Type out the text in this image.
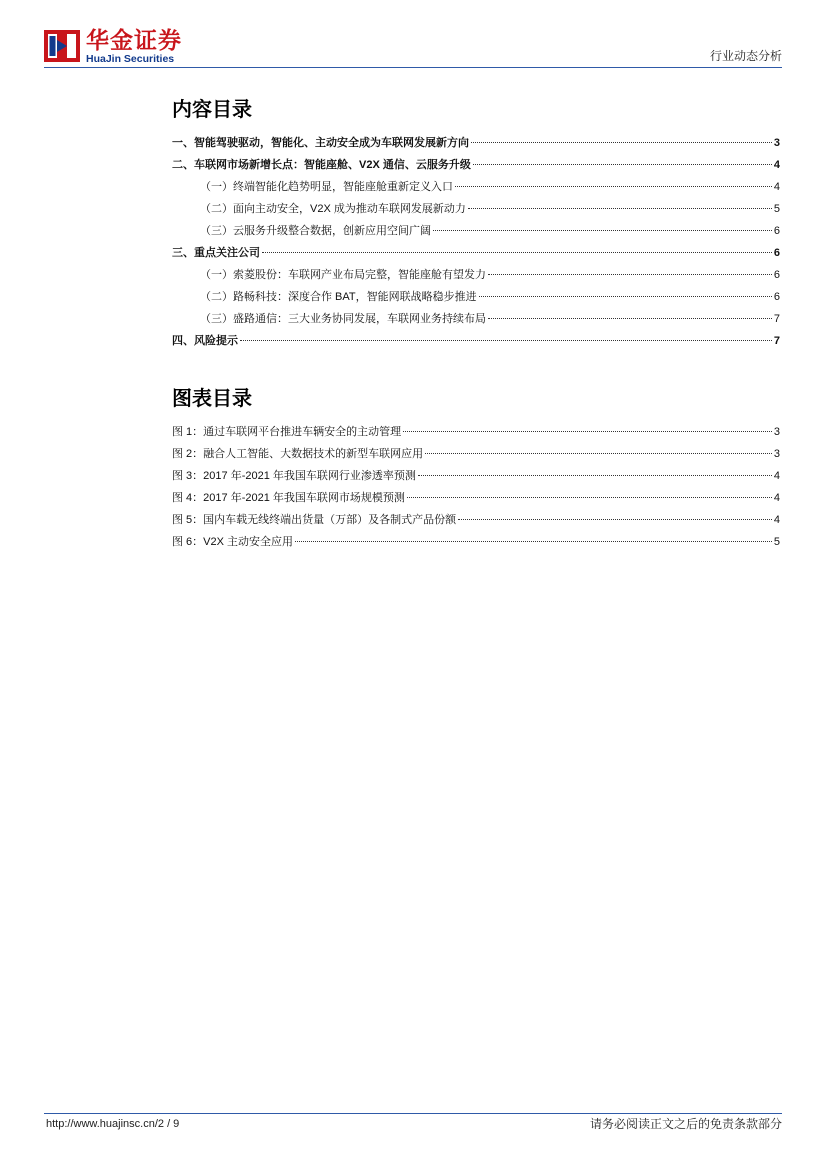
华金证券
HuaJin Securities	行业动态分析
内容目录
一、智能驾驶驱动，智能化、主动安全成为车联网发展新方向	3
二、车联网市场新增长点：智能座舱、V2X 通信、云服务升级	4
（一）终端智能化趋势明显，智能座舱重新定义入口	4
（二）面向主动安全，V2X 成为推动车联网发展新动力	5
（三）云服务升级整合数据，创新应用空间广阔	6
三、重点关注公司	6
（一）索菱股份：车联网产业布局完整，智能座舱有望发力	6
（二）路畅科技：深度合作 BAT，智能网联战略稳步推进	6
（三）盛路通信：三大业务协同发展，车联网业务持续布局	7
四、风险提示	7
图表目录
图 1：通过车联网平台推进车辆安全的主动管理	3
图 2：融合人工智能、大数据技术的新型车联网应用	3
图 3：2017 年-2021 年我国车联网行业渗透率预测	4
图 4：2017 年-2021 年我国车联网市场规模预测	4
图 5：国内车载无线终端出货量（万部）及各制式产品份额	4
图 6：V2X 主动安全应用	5
http://www.huajinsc.cn/2 / 9	请务必阅读正文之后的免责条款部分
